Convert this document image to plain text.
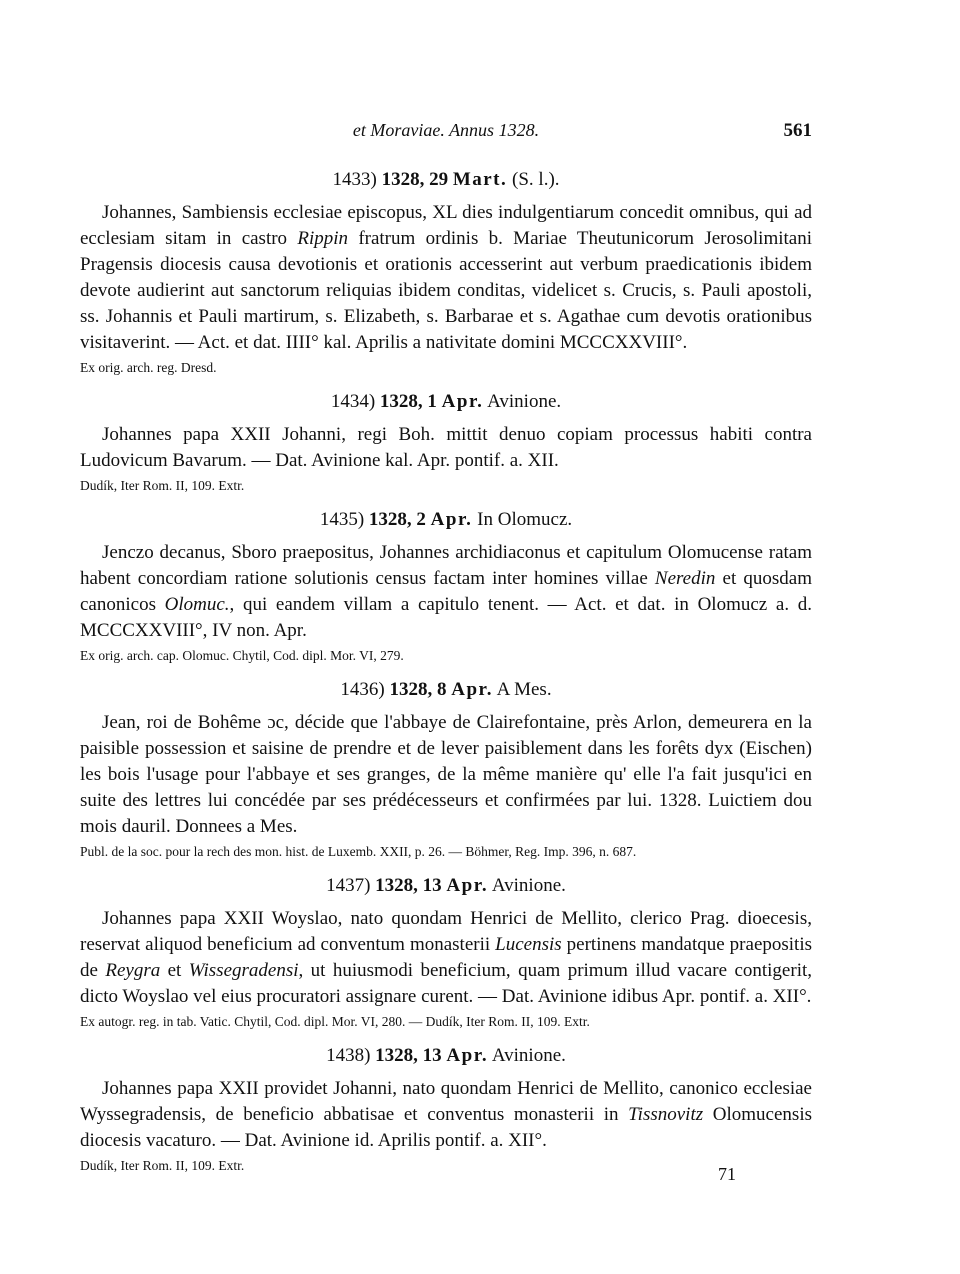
et Moraviae. Annus 1328.	561
1433) 1328, 29 Mart. (S. l.).

Johannes, Sambiensis ecclesiae episcopus, XL dies indulgentiarum concedit omnibus, qui ad ecclesiam sitam in castro Rippin fratrum ordinis b. Mariae Theutunicorum Jerosolimitani Pragensis diocesis causa devotionis et orationis accesserint aut verbum praedicationis ibidem devote audierint aut sanctorum reliquias ibidem conditas, videlicet s. Crucis, s. Pauli apostoli, ss. Johannis et Pauli martirum, s. Elizabeth, s. Barbarae et s. Agathae cum devotis orationibus visitaverint. — Act. et dat. IIII° kal. Aprilis a nativitate domini MCCCXXVIII°.

Ex orig. arch. reg. Dresd.
1434) 1328, 1 Apr. Avinione.

Johannes papa XXII Johanni, regi Boh. mittit denuo copiam processus habiti contra Ludovicum Bavarum. — Dat. Avinione kal. Apr. pontif. a. XII.

Dudík, Iter Rom. II, 109. Extr.
1435) 1328, 2 Apr. In Olomucz.

Jenczo decanus, Sboro praepositus, Johannes archidiaconus et capitulum Olomucense ratam habent concordiam ratione solutionis census factam inter homines villae Neredin et quosdam canonicos Olomuc., qui eandem villam a capitulo tenent. — Act. et dat. in Olomucz a. d. MCCCXXVIII°, IV non. Apr.

Ex orig. arch. cap. Olomuc. Chytil, Cod. dipl. Mor. VI, 279.
1436) 1328, 8 Apr. A Mes.

Jean, roi de Bohême ɔc, décide que l'abbaye de Clairefontaine, près Arlon, demeurera en la paisible possession et saisine de prendre et de lever paisiblement dans les forêts dyx (Eischen) les bois l'usage pour l'abbaye et ses granges, de la même manière qu' elle l'a fait jusqu'ici en suite des lettres lui concédée par ses prédécesseurs et confirmées par lui. 1328. Luictiem dou mois dauril. Donnees a Mes.

Publ. de la soc. pour la rech des mon. hist. de Luxemb. XXII, p. 26. — Böhmer, Reg. Imp. 396, n. 687.
1437) 1328, 13 Apr. Avinione.

Johannes papa XXII Woyslao, nato quondam Henrici de Mellito, clerico Prag. dioecesis, reservat aliquod beneficium ad conventum monasterii Lucensis pertinens mandatque praepositis de Reygra et Wissegradensi, ut huiusmodi beneficium, quam primum illud vacare contigerit, dicto Woyslao vel eius procuratori assignare curent. — Dat. Avinione idibus Apr. pontif. a. XII°.

Ex autogr. reg. in tab. Vatic. Chytil, Cod. dipl. Mor. VI, 280. — Dudík, Iter Rom. II, 109. Extr.
1438) 1328, 13 Apr. Avinione.

Johannes papa XXII providet Johanni, nato quondam Henrici de Mellito, canonico ecclesiae Wyssegradensis, de beneficio abbatisae et conventus monasterii in Tissnovitz Olomucensis diocesis vacaturo. — Dat. Avinione id. Aprilis pontif. a. XII°.

Dudík, Iter Rom. II, 109. Extr.	71
